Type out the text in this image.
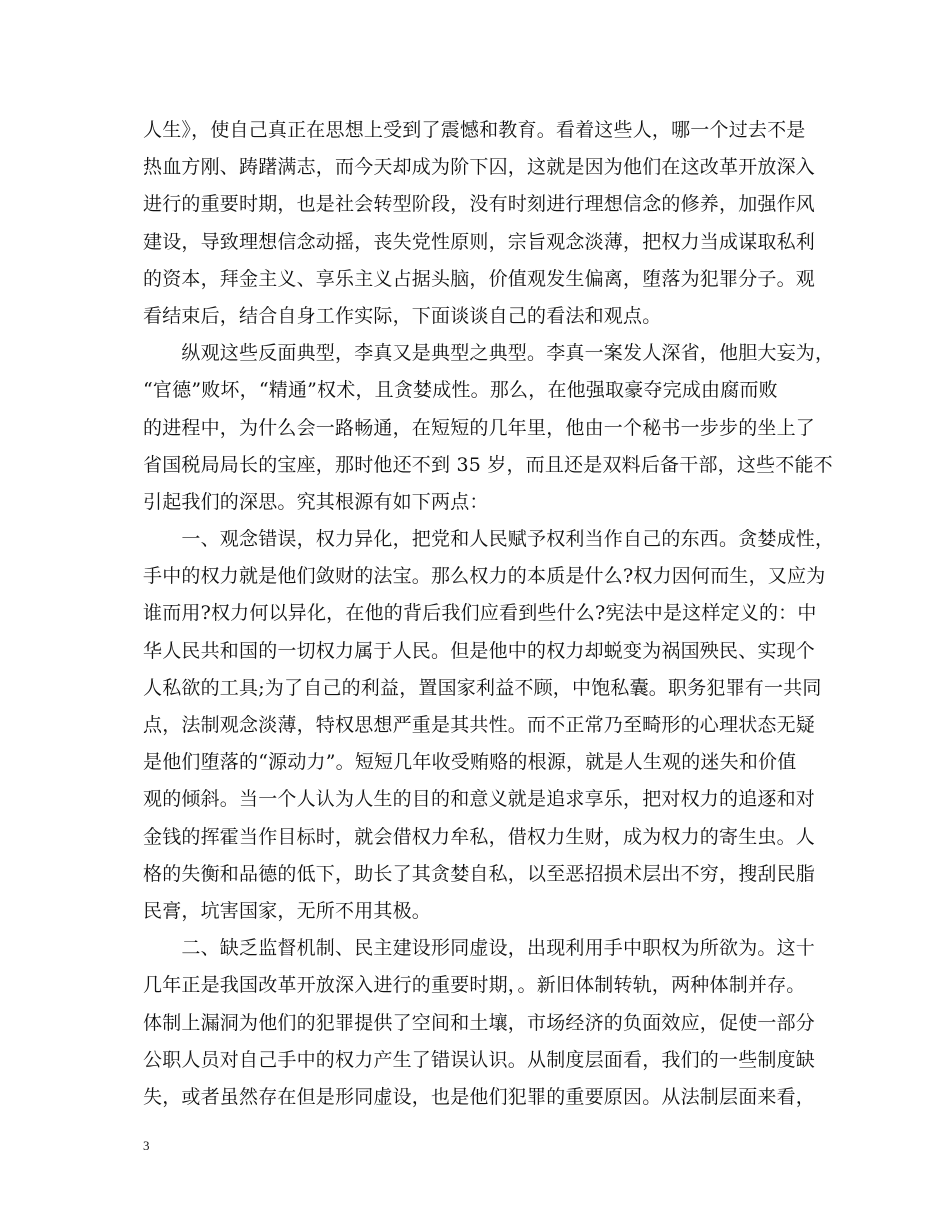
人生》，使自己真正在思想上受到了震憾和教育。看着这些人，哪一个过去不是
热血方刚、踌躇满志，而今天却成为阶下囚，这就是因为他们在这改革开放深入
进行的重要时期，也是社会转型阶段，没有时刻进行理想信念的修养，加强作风
建设，导致理想信念动摇，丧失党性原则，宗旨观念淡薄，把权力当成谋取私利
的资本，拜金主义、享乐主义占据头脑，价值观发生偏离，堕落为犯罪分子。观
看结束后，结合自身工作实际，下面谈谈自己的看法和观点。
　　纵观这些反面典型，李真又是典型之典型。李真一案发人深省，他胆大妄为，
“官德”败坏，“精通”权术，且贪婪成性。那么，在他强取豪夺完成由腐而败
的进程中，为什么会一路畅通，在短短的几年里，他由一个秘书一步步的坐上了
省国税局局长的宝座，那时他还不到 35 岁，而且还是双料后备干部，这些不能不
引起我们的深思。究其根源有如下两点：
　　一、观念错误，权力异化，把党和人民赋予权利当作自己的东西。贪婪成性，
手中的权力就是他们敛财的法宝。那么权力的本质是什么?权力因何而生，又应为
谁而用?权力何以异化，在他的背后我们应看到些什么?宪法中是这样定义的：中
华人民共和国的一切权力属于人民。但是他中的权力却蜕变为祸国殃民、实现个
人私欲的工具;为了自己的利益，置国家利益不顾，中饱私囊。职务犯罪有一共同
点，法制观念淡薄，特权思想严重是其共性。而不正常乃至畸形的心理状态无疑
是他们堕落的“源动力”。短短几年收受贿赂的根源，就是人生观的迷失和价值
观的倾斜。当一个人认为人生的目的和意义就是追求享乐，把对权力的追逐和对
金钱的挥霍当作目标时，就会借权力牟私，借权力生财，成为权力的寄生虫。人
格的失衡和品德的低下，助长了其贪婪自私，以至恶招损术层出不穷，搜刮民脂
民膏，坑害国家，无所不用其极。
　　二、缺乏监督机制、民主建设形同虚设，出现利用手中职权为所欲为。这十
几年正是我国改革开放深入进行的重要时期，。新旧体制转轨，两种体制并存。
体制上漏洞为他们的犯罪提供了空间和土壤，市场经济的负面效应，促使一部分
公职人员对自己手中的权力产生了错误认识。从制度层面看，我们的一些制度缺
失，或者虽然存在但是形同虚设，也是他们犯罪的重要原因。从法制层面来看，
3
